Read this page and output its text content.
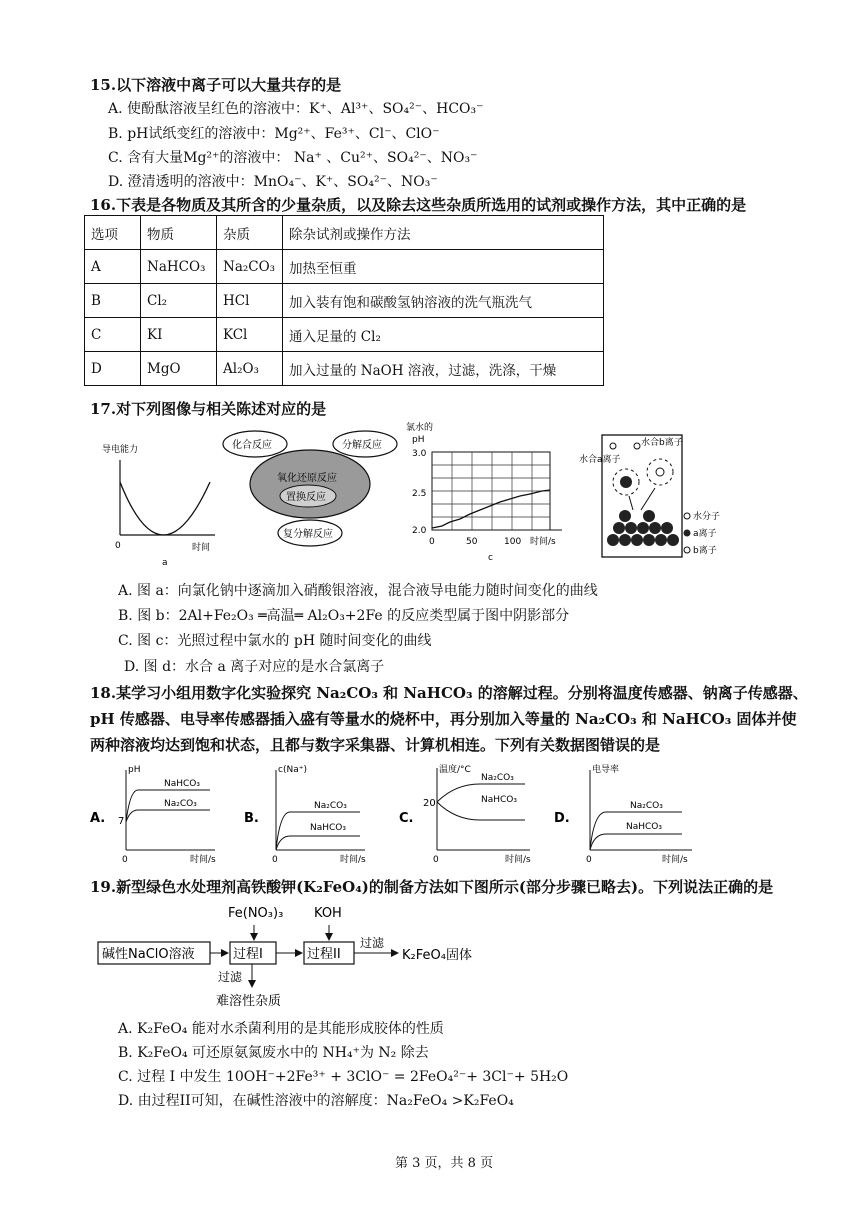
15.以下溶液中离子可以大量共存的是
A. 使酚酞溶液呈红色的溶液中：K⁺、Al³⁺、SO₄²⁻、HCO₃⁻
B. pH试纸变红的溶液中：Mg²⁺、Fe³⁺、Cl⁻、ClO⁻
C. 含有大量Mg²⁺的溶液中： Na⁺ 、Cu²⁺、SO₄²⁻、NO₃⁻
D. 澄清透明的溶液中：MnO₄⁻、K⁺、SO₄²⁻、NO₃⁻
16.下表是各物质及其所含的少量杂质，以及除去这些杂质所选用的试剂或操作方法，其中正确的是
选项	物质	杂质	除杂试剂或操作方法
A	NaHCO₃	Na₂CO₃	加热至恒重
B	Cl₂	HCl	加入装有饱和碳酸氢钠溶液的洗气瓶洗气
C	KI	KCl	通入足量的 Cl₂
D	MgO	Al₂O₃	加入过量的 NaOH 溶液，过滤，洗涤，干燥
17.对下列图像与相关陈述对应的是
导电能力
0	时间
a
化合反应	分解反应
氧化还原反应
置换反应
复分解反应
氯水的
pH
3.0
2.5
2.0
0	50	100 时间/s
c
水合b离子
水合a离子
水分子
a离子
b离子
A. 图 a：向氯化钠中逐滴加入硝酸银溶液，混合液导电能力随时间变化的曲线
B. 图 b：2Al+Fe₂O₃ ═高温═ Al₂O₃+2Fe 的反应类型属于图中阴影部分
C. 图 c：光照过程中氯水的 pH 随时间变化的曲线
D. 图 d：水合 a 离子对应的是水合氯离子
18.某学习小组用数字化实验探究 Na₂CO₃ 和 NaHCO₃ 的溶解过程。分别将温度传感器、钠离子传感器、
pH 传感器、电导率传感器插入盛有等量水的烧杯中，再分别加入等量的 Na₂CO₃ 和 NaHCO₃ 固体并使
两种溶液均达到饱和状态，且都与数字采集器、计算机相连。下列有关数据图错误的是
A.
pH
7
NaHCO₃
Na₂CO₃
0	时间/s
B.
c(Na⁺)
Na₂CO₃
NaHCO₃
0	时间/s
C.
温度/°C
20
Na₂CO₃
NaHCO₃
0	时间/s
D.
电导率
Na₂CO₃
NaHCO₃
0	时间/s
19.新型绿色水处理剂高铁酸钾(K₂FeO₄)的制备方法如下图所示(部分步骤已略去)。下列说法正确的是
碱性NaClO溶液	过程I
Fe(NO₃)₃
过程II
KOH
过滤
K₂FeO₄固体
过滤
难溶性杂质
A. K₂FeO₄ 能对水杀菌利用的是其能形成胶体的性质
B. K₂FeO₄ 可还原氨氮废水中的 NH₄⁺为 N₂ 除去
C. 过程 I 中发生 10OH⁻+2Fe³⁺ + 3ClO⁻ = 2FeO₄²⁻+ 3Cl⁻+ 5H₂O
D. 由过程II可知，在碱性溶液中的溶解度：Na₂FeO₄ >K₂FeO₄
第 3 页，共 8 页
